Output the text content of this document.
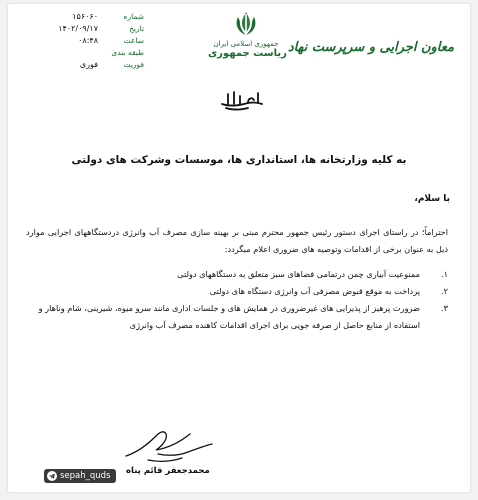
شماره
۱۵۶۰۶۰
تاریخ
۱۴۰۲/۰۹/۱۷
ساعت
۰۸:۴۸
طبقه بندی
فوریت
فوری
جمهوری اسلامی ایران
ریاست جمهوری معاون اجرایی و سرپرست نهاد
به کلیه وزارتخانه ها، استانداری ها، موسسات وشرکت های دولتی
با سلام،
احتراماً؛ در راستای اجرای دستور رئیس جمهور محترم مبنی بر بهینه سازی مصرف آب وانرژی دردستگاههای اجرایی موارد ذیل به عنوان برخی از اقدامات وتوصیه های ضروری اعلام میگردد:
۱.
ممنوعیت آبیاری چمن درتمامی فضاهای سبز متعلق به دستگاههای دولتی
۲.
پرداخت به موقع قبوض مصرفی آب وانرژی دستگاه های دولتی
۳.
ضرورت پرهیز از پذیرایی های غیرضروری در همایش های و جلسات اداری مانند سرو میوه، شیرینی، شام وناهار و استفاده از منابع حاصل از صرفه جویی برای اجرای اقدامات کاهنده مصرف آب وانرژی
محمدجعفر قائم پناه
sepah_quds
